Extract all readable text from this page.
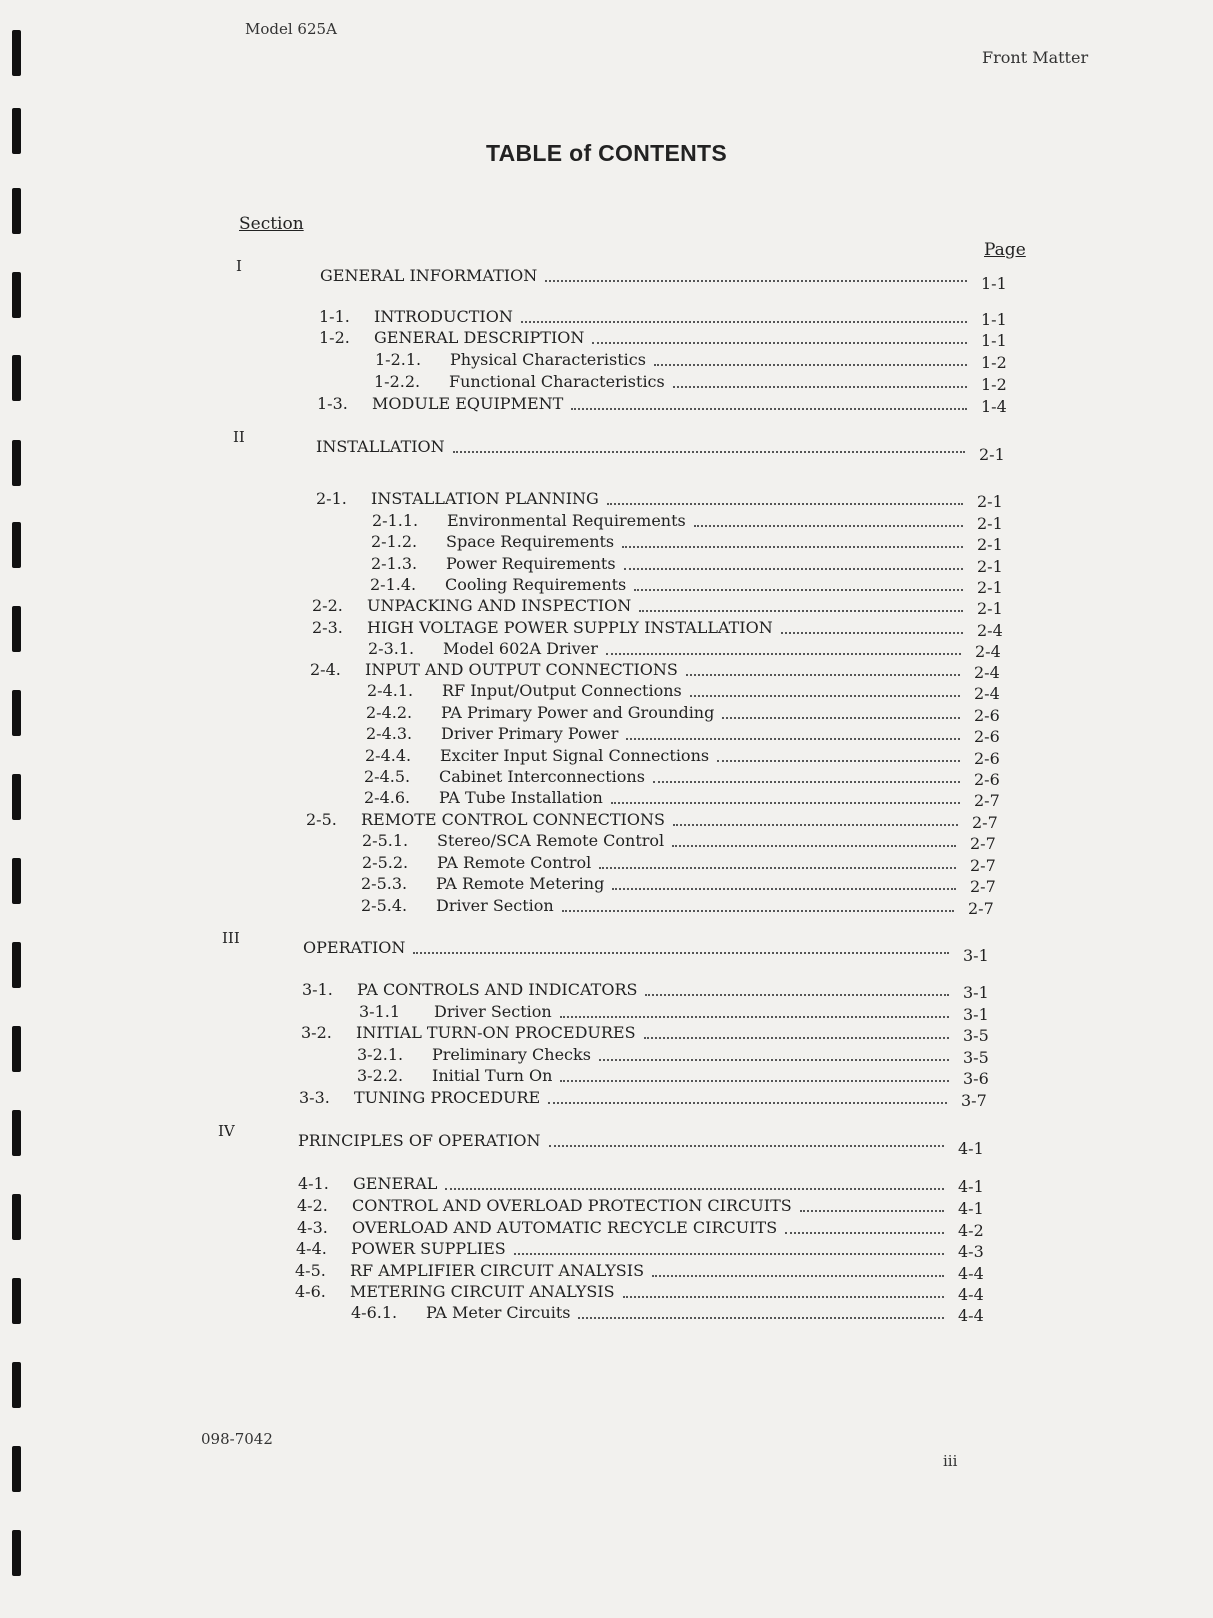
Model 625A
Front Matter
TABLE of CONTENTS
Section
Page
I	GENERAL INFORMATION	1-1
1-1. INTRODUCTION	1-1
1-2. GENERAL DESCRIPTION	1-1
1-2.1. Physical Characteristics	1-2
1-2.2. Functional Characteristics	1-2
1-3. MODULE EQUIPMENT	1-4
II	INSTALLATION	2-1
2-1. INSTALLATION PLANNING	2-1
2-1.1. Environmental Requirements	2-1
2-1.2. Space Requirements	2-1
2-1.3. Power Requirements	2-1
2-1.4. Cooling Requirements	2-1
2-2. UNPACKING AND INSPECTION	2-1
2-3. HIGH VOLTAGE POWER SUPPLY INSTALLATION	2-4
2-3.1. Model 602A Driver	2-4
2-4. INPUT AND OUTPUT CONNECTIONS	2-4
2-4.1. RF Input/Output Connections	2-4
2-4.2. PA Primary Power and Grounding	2-6
2-4.3. Driver Primary Power	2-6
2-4.4. Exciter Input Signal Connections	2-6
2-4.5. Cabinet Interconnections	2-6
2-4.6. PA Tube Installation	2-7
2-5. REMOTE CONTROL CONNECTIONS	2-7
2-5.1. Stereo/SCA Remote Control	2-7
2-5.2. PA Remote Control	2-7
2-5.3. PA Remote Metering	2-7
2-5.4. Driver Section	2-7
III	OPERATION	3-1
3-1. PA CONTROLS AND INDICATORS	3-1
3-1.1 Driver Section	3-1
3-2. INITIAL TURN-ON PROCEDURES	3-5
3-2.1. Preliminary Checks	3-5
3-2.2. Initial Turn On	3-6
3-3. TUNING PROCEDURE	3-7
IV	PRINCIPLES OF OPERATION	4-1
4-1. GENERAL	4-1
4-2. CONTROL AND OVERLOAD PROTECTION CIRCUITS	4-1
4-3. OVERLOAD AND AUTOMATIC RECYCLE CIRCUITS	4-2
4-4. POWER SUPPLIES	4-3
4-5. RF AMPLIFIER CIRCUIT ANALYSIS	4-4
4-6. METERING CIRCUIT ANALYSIS	4-4
4-6.1. PA Meter Circuits	4-4
098-7042
iii
